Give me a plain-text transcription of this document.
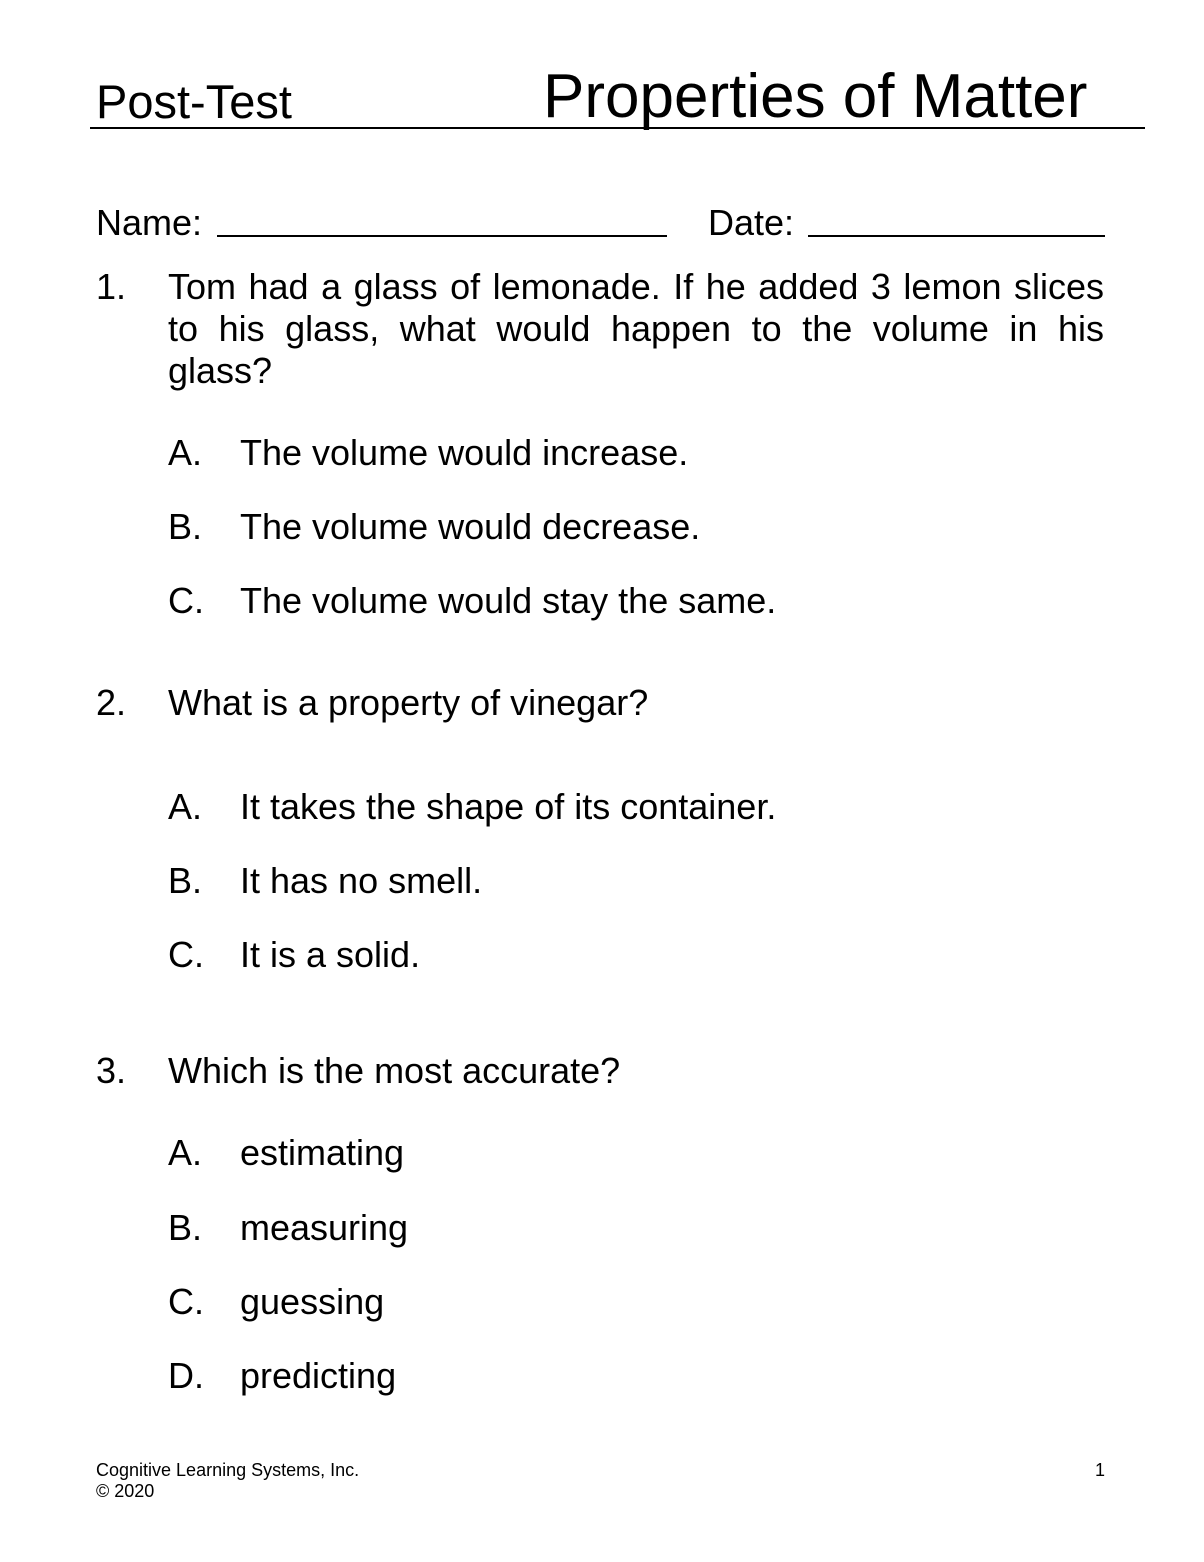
Post-Test	Properties of Matter
Name:	Date:
1. Tom had a glass of lemonade. If he added 3 lemon slices to his glass, what would happen to the volume in his glass?
A. The volume would increase.
B. The volume would decrease.
C. The volume would stay the same.
2. What is a property of vinegar?
A. It takes the shape of its container.
B. It has no smell.
C. It is a solid.
3. Which is the most accurate?
A. estimating
B. measuring
C. guessing
D. predicting
Cognitive Learning Systems, Inc.
© 2020
1
